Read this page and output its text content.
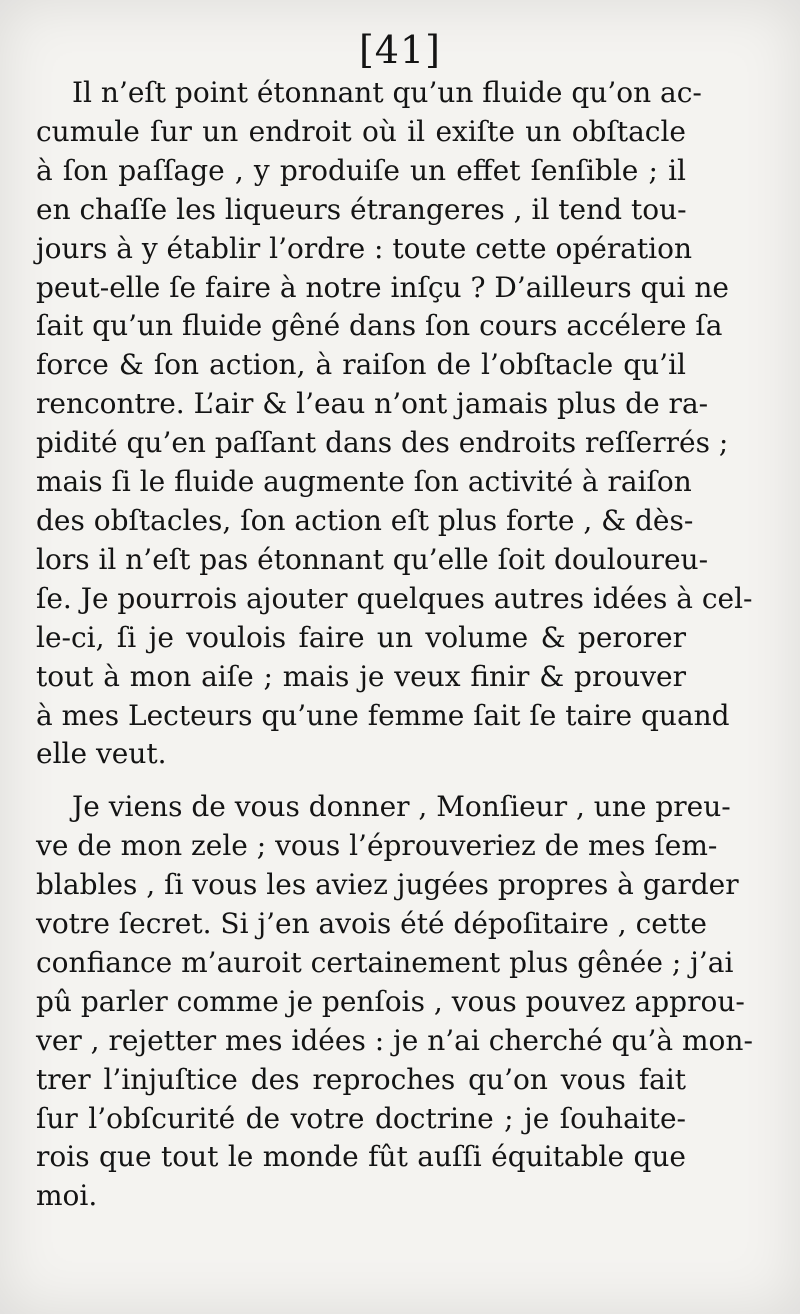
[41]

Il n’eſt point étonnant qu’un fluide qu’on ac-
cumule ſur un endroit où il exiſte un obſtacle
à ſon paſſage , y produiſe un effet ſenſible ; il
en chaſſe les liqueurs étrangeres , il tend tou-
jours à y établir l’ordre : toute cette opération
peut-elle ſe faire à notre inſçu ? D’ailleurs qui ne
ſait qu’un fluide gêné dans ſon cours accélere ſa
force & ſon action, à raiſon de l’obſtacle qu’il
rencontre. L’air & l’eau n’ont jamais plus de ra-
pidité qu’en paſſant dans des endroits reſſerrés ;
mais ſi le fluide augmente ſon activité à raiſon
des obſtacles, ſon action eſt plus forte , & dès-
lors il n’eſt pas étonnant qu’elle ſoit douloureu-
ſe. Je pourrois ajouter quelques autres idées à cel-
le-ci, ſi je voulois faire un volume & perorer
tout à mon aiſe ; mais je veux finir & prouver
à mes Lecteurs qu’une femme ſait ſe taire quand
elle veut.

Je viens de vous donner , Monſieur , une preu-
ve de mon zele ; vous l’éprouveriez de mes ſem-
blables , ſi vous les aviez jugées propres à garder
votre ſecret. Si j’en avois été dépoſitaire , cette
confiance m’auroit certainement plus gênée ; j’ai
pû parler comme je penſois , vous pouvez approu-
ver , rejetter mes idées : je n’ai cherché qu’à mon-
trer l’injuſtice des reproches qu’on vous fait
ſur l’obſcurité de votre doctrine ; je ſouhaite-
rois que tout le monde fût auſſi équitable que
moi.
